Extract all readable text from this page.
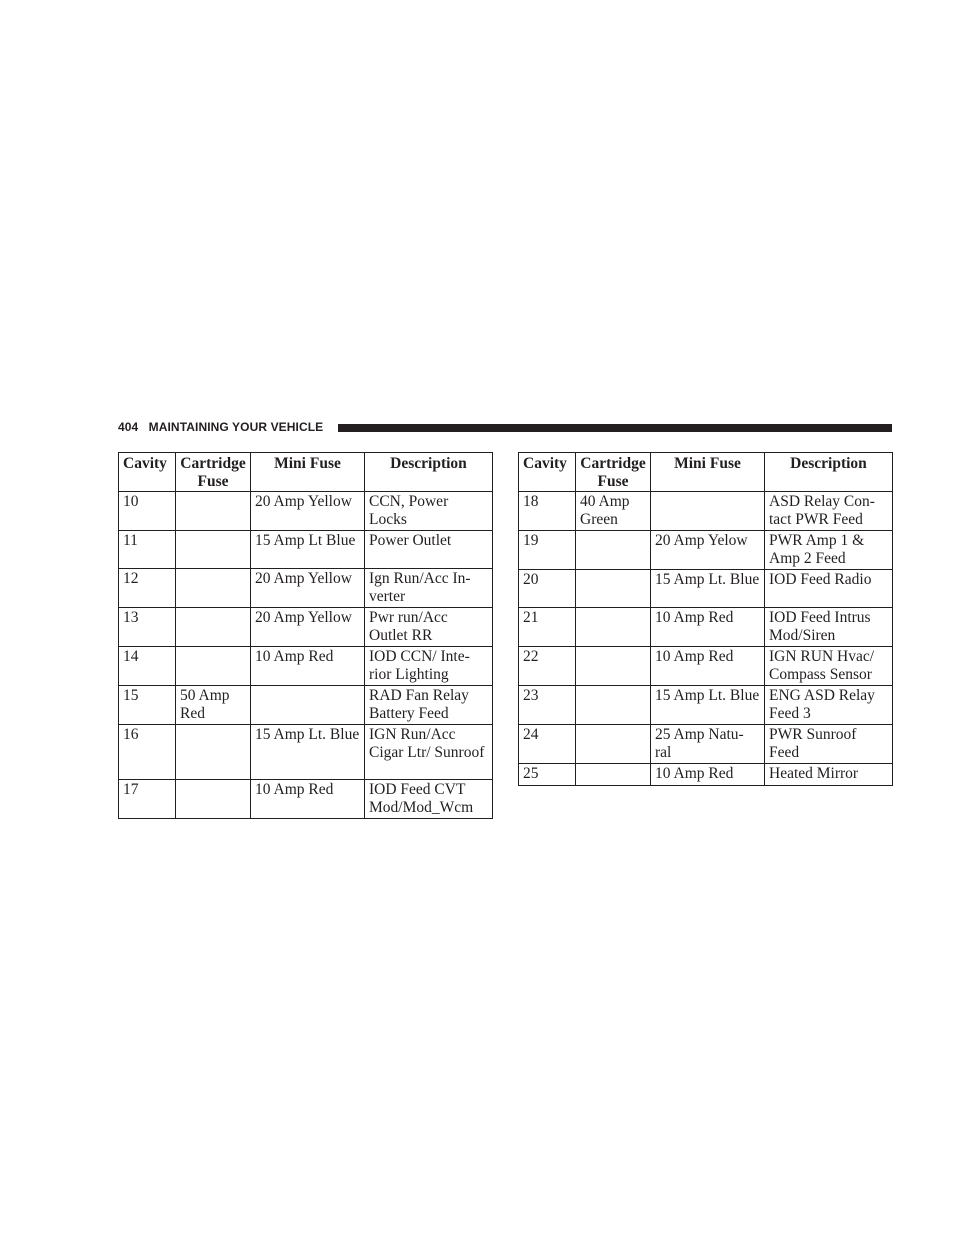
404 MAINTAINING YOUR VEHICLE
Cavity	Cartridge Fuse	Mini Fuse	Description
10		20 Amp Yellow	CCN, Power Locks
11		15 Amp Lt Blue	Power Outlet
12		20 Amp Yellow	Ign Run/Acc In-verter
13		20 Amp Yellow	Pwr run/Acc Outlet RR
14		10 Amp Red	IOD CCN/ Inte-rior Lighting
15	50 Amp Red		RAD Fan Relay Battery Feed
16		15 Amp Lt. Blue	IGN Run/Acc Cigar Ltr/ Sunroof
17		10 Amp Red	IOD Feed CVT Mod/Mod_Wcm
Cavity	Cartridge Fuse	Mini Fuse	Description
18	40 Amp Green		ASD Relay Con-tact PWR Feed
19		20 Amp Yelow	PWR Amp 1 & Amp 2 Feed
20		15 Amp Lt. Blue	IOD Feed Radio
21		10 Amp Red	IOD Feed Intrus Mod/Siren
22		10 Amp Red	IGN RUN Hvac/ Compass Sensor
23		15 Amp Lt. Blue	ENG ASD Relay Feed 3
24		25 Amp Natu-ral	PWR Sunroof Feed
25		10 Amp Red	Heated Mirror
